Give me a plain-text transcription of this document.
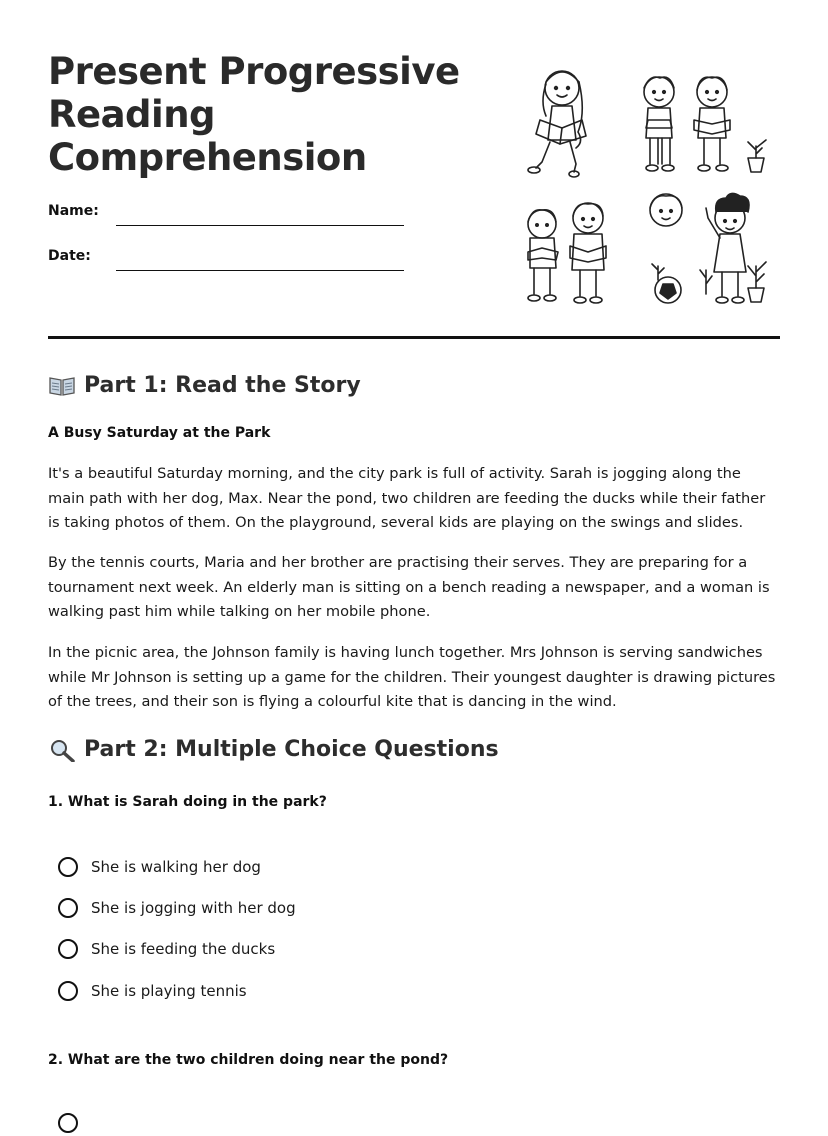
Present Progressive
Reading
Comprehension
Name:
Date:
Part 1: Read the Story

A Busy Saturday at the Park

It's a beautiful Saturday morning, and the city park is full of activity. Sarah is jogging along the main path with her dog, Max. Near the pond, two children are feeding the ducks while their father is taking photos of them. On the playground, several kids are playing on the swings and slides.

By the tennis courts, Maria and her brother are practising their serves. They are preparing for a tournament next week. An elderly man is sitting on a bench reading a newspaper, and a woman is walking past him while talking on her mobile phone.

In the picnic area, the Johnson family is having lunch together. Mrs Johnson is serving sandwiches while Mr Johnson is setting up a game for the children. Their youngest daughter is drawing pictures of the trees, and their son is flying a colourful kite that is dancing in the wind.

Part 2: Multiple Choice Questions

1. What is Sarah doing in the park?

She is walking her dog
She is jogging with her dog
She is feeding the ducks
She is playing tennis

2. What are the two children doing near the pond?
